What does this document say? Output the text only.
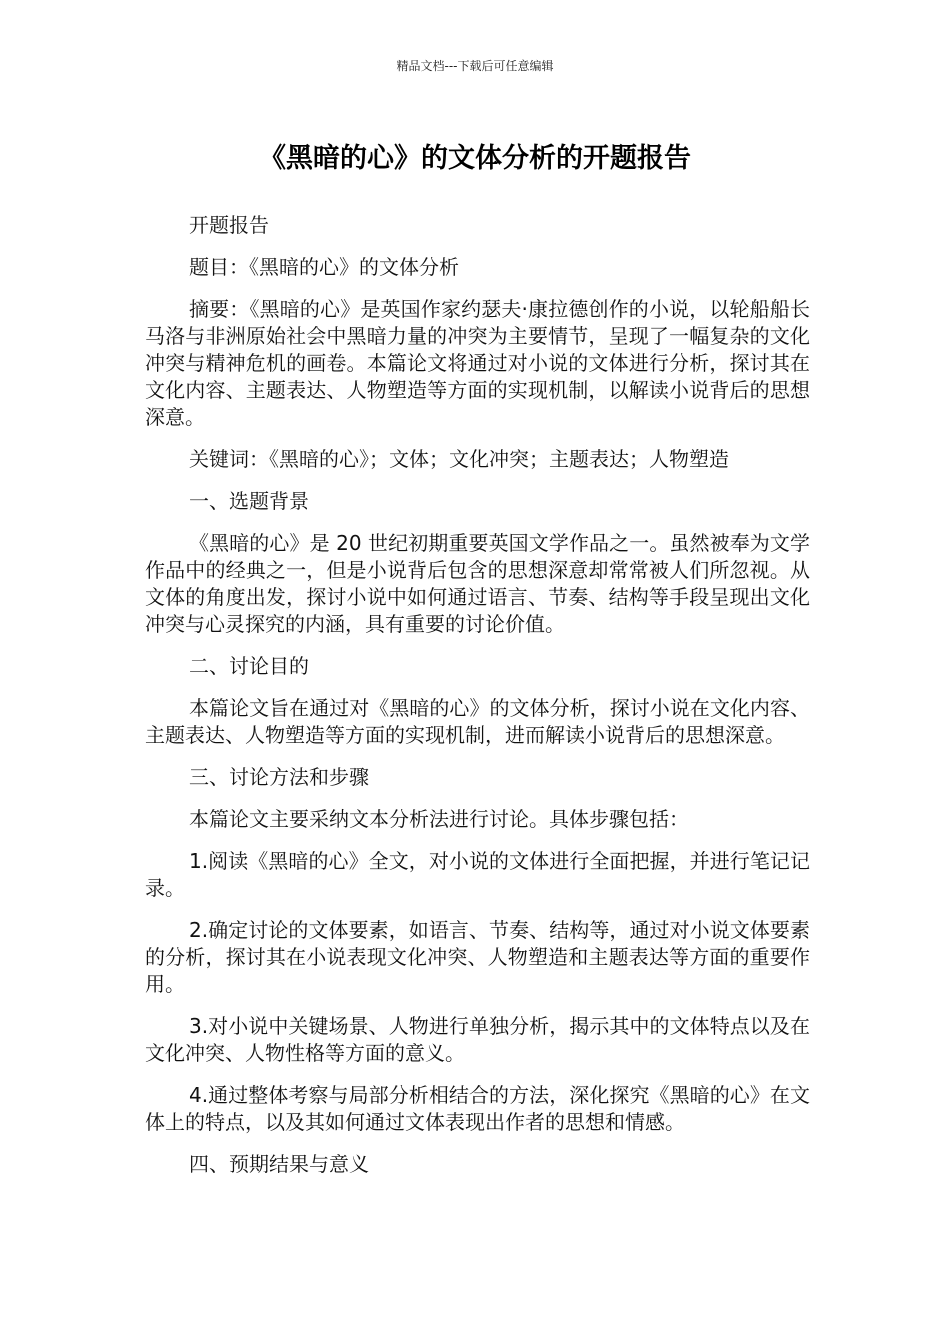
精品文档---下载后可任意编辑
《黑暗的心》的文体分析的开题报告

开题报告

题目：《黑暗的心》的文体分析

摘要：《黑暗的心》是英国作家约瑟夫·康拉德创作的小说，以轮船船长马洛与非洲原始社会中黑暗力量的冲突为主要情节，呈现了一幅复杂的文化冲突与精神危机的画卷。本篇论文将通过对小说的文体进行分析，探讨其在文化内容、主题表达、人物塑造等方面的实现机制，以解读小说背后的思想深意。

关键词：《黑暗的心》；文体；文化冲突；主题表达；人物塑造

一、选题背景

《黑暗的心》是 20 世纪初期重要英国文学作品之一。虽然被奉为文学作品中的经典之一，但是小说背后包含的思想深意却常常被人们所忽视。从文体的角度出发，探讨小说中如何通过语言、节奏、结构等手段呈现出文化冲突与心灵探究的内涵，具有重要的讨论价值。

二、讨论目的

本篇论文旨在通过对《黑暗的心》的文体分析，探讨小说在文化内容、主题表达、人物塑造等方面的实现机制，进而解读小说背后的思想深意。

三、讨论方法和步骤

本篇论文主要采纳文本分析法进行讨论。具体步骤包括：

1.阅读《黑暗的心》全文，对小说的文体进行全面把握，并进行笔记记录。

2.确定讨论的文体要素，如语言、节奏、结构等，通过对小说文体要素的分析，探讨其在小说表现文化冲突、人物塑造和主题表达等方面的重要作用。

3.对小说中关键场景、人物进行单独分析，揭示其中的文体特点以及在文化冲突、人物性格等方面的意义。

4.通过整体考察与局部分析相结合的方法，深化探究《黑暗的心》在文体上的特点，以及其如何通过文体表现出作者的思想和情感。

四、预期结果与意义
